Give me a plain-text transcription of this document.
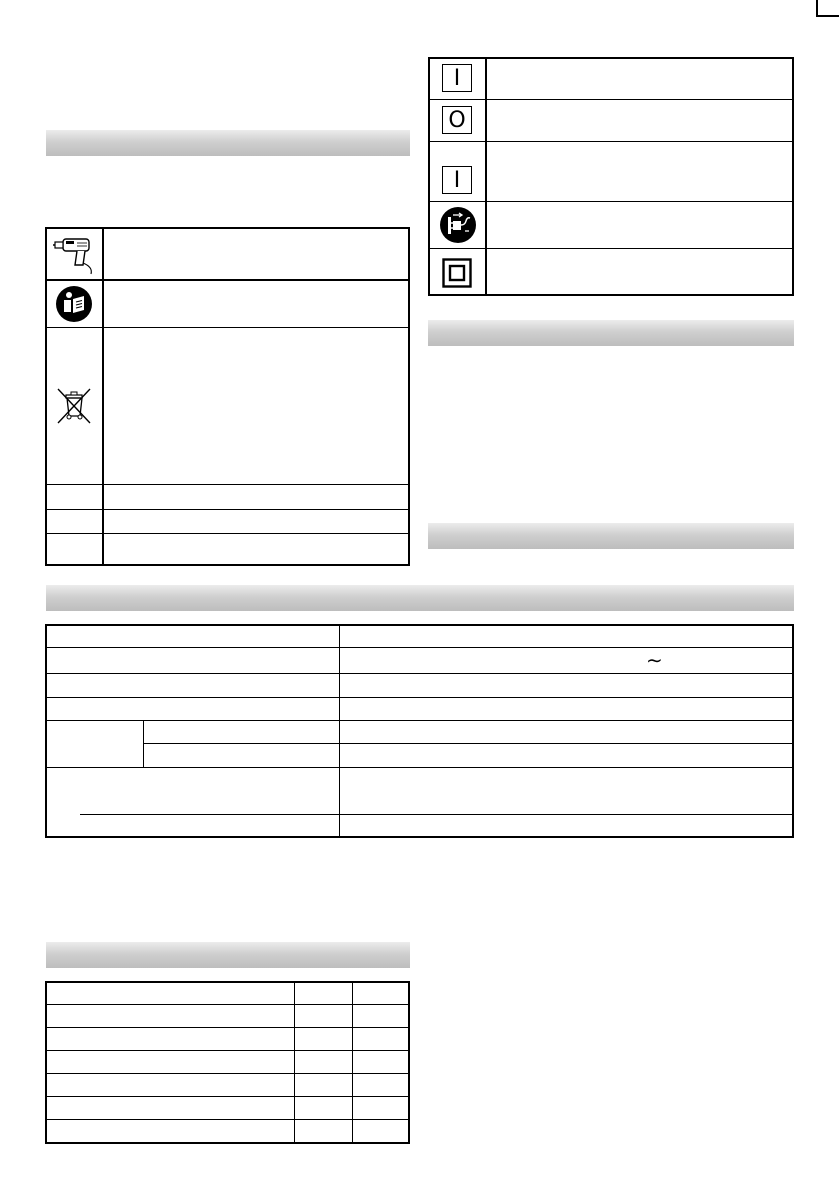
I
O
I
∼
